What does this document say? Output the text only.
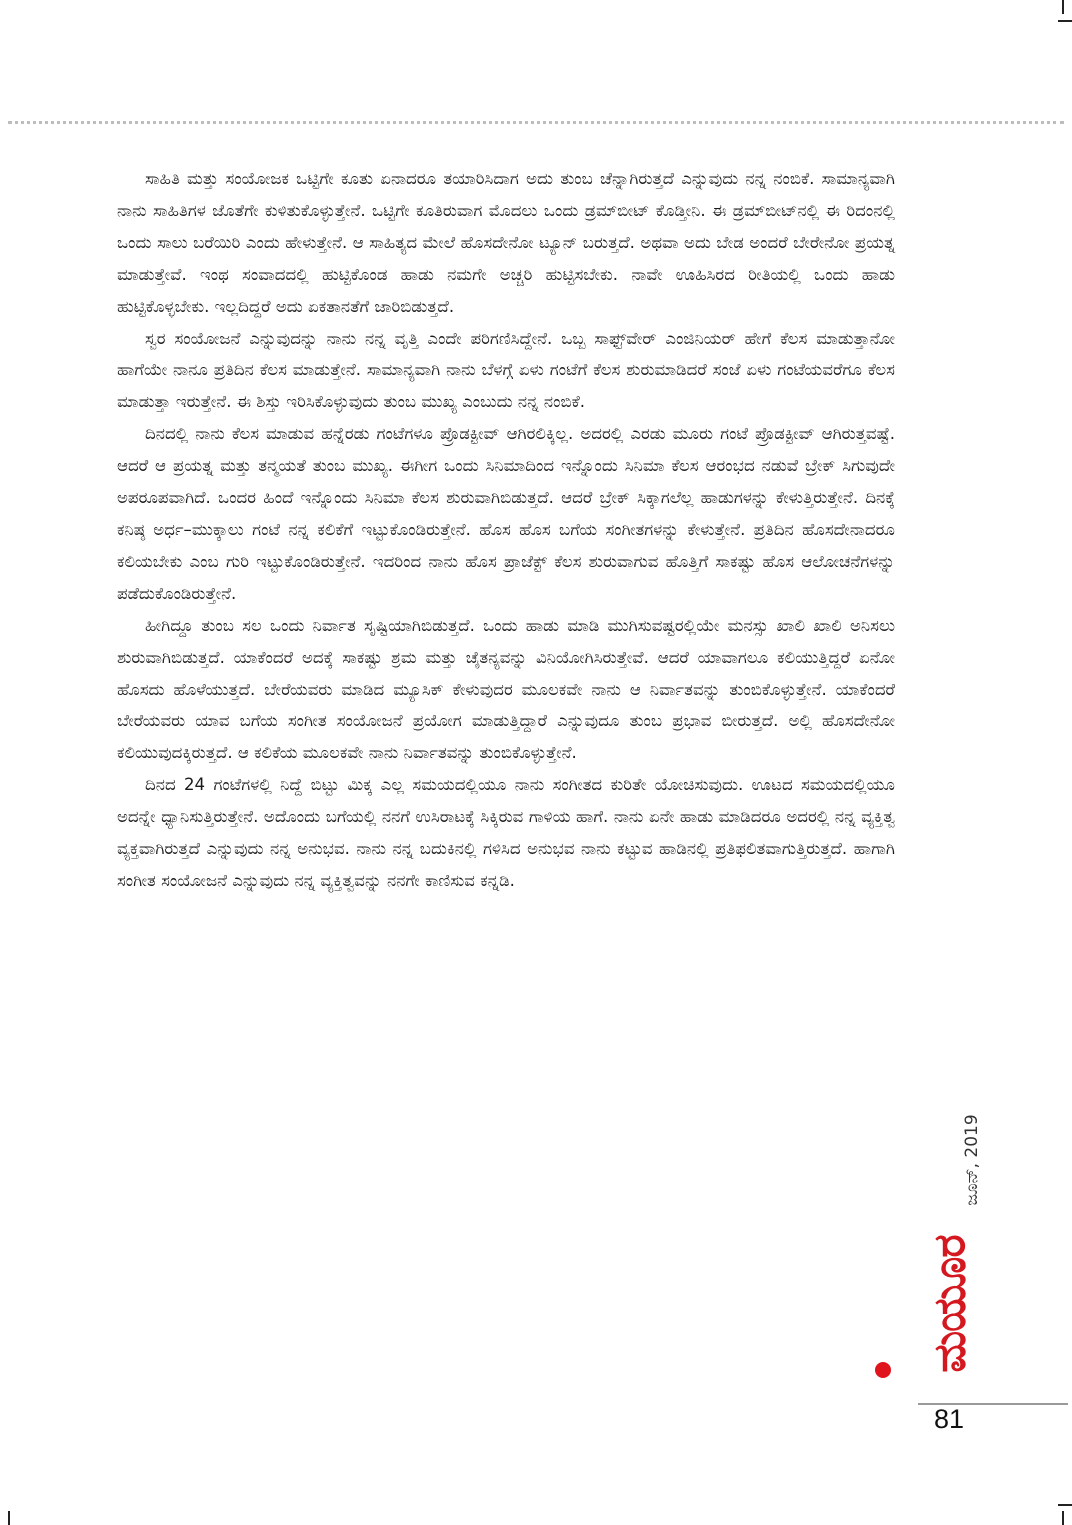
ಸಾಹಿತಿ ಮತ್ತು ಸಂಯೋಜಕ ಒಟ್ಟಿಗೇ ಕೂತು ಏನಾದರೂ ತಯಾರಿಸಿದಾಗ ಅದು ತುಂಬ ಚೆನ್ನಾಗಿರುತ್ತದೆ ಎನ್ನುವುದು ನನ್ನ ನಂಬಿಕೆ. ಸಾಮಾನ್ಯವಾಗಿ ನಾನು ಸಾಹಿತಿಗಳ ಜೊತೆಗೇ ಕುಳಿತುಕೊಳ್ಳುತ್ತೇನೆ. ಒಟ್ಟಿಗೇ ಕೂತಿರುವಾಗ ಮೊದಲು ಒಂದು ಡ್ರಮ್‌ಬೀಟ್ ಕೊಡ್ತೀನಿ. ಈ ಡ್ರಮ್‌ಬೀಟ್‌ನಲ್ಲಿ ಈ ರಿದಂನಲ್ಲಿ ಒಂದು ಸಾಲು ಬರೆಯಿರಿ ಎಂದು ಹೇಳುತ್ತೇನೆ. ಆ ಸಾಹಿತ್ಯದ ಮೇಲೆ ಹೊಸದೇನೋ ಟ್ಯೂನ್ ಬರುತ್ತದೆ. ಅಥವಾ ಅದು ಬೇಡ ಅಂದರೆ ಬೇರೇನೋ ಪ್ರಯತ್ನ ಮಾಡುತ್ತೇವೆ. ಇಂಥ ಸಂವಾದದಲ್ಲಿ ಹುಟ್ಟಿಕೊಂಡ ಹಾಡು ನಮಗೇ ಅಚ್ಚರಿ ಹುಟ್ಟಿಸಬೇಕು. ನಾವೇ ಊಹಿಸಿರದ ರೀತಿಯಲ್ಲಿ ಒಂದು ಹಾಡು ಹುಟ್ಟಿಕೊಳ್ಳಬೇಕು. ಇಲ್ಲದಿದ್ದರೆ ಅದು ಏಕತಾನತೆಗೆ ಜಾರಿಬಿಡುತ್ತದೆ.

ಸ್ವರ ಸಂಯೋಜನೆ ಎನ್ನುವುದನ್ನು ನಾನು ನನ್ನ ವೃತ್ತಿ ಎಂದೇ ಪರಿಗಣಿಸಿದ್ದೇನೆ. ಒಬ್ಬ ಸಾಫ್ಟ್‌ವೇರ್ ಎಂಜಿನಿಯರ್ ಹೇಗೆ ಕೆಲಸ ಮಾಡುತ್ತಾನೋ ಹಾಗೆಯೇ ನಾನೂ ಪ್ರತಿದಿನ ಕೆಲಸ ಮಾಡುತ್ತೇನೆ. ಸಾಮಾನ್ಯವಾಗಿ ನಾನು ಬೆಳಗ್ಗೆ ಏಳು ಗಂಟೆಗೆ ಕೆಲಸ ಶುರುಮಾಡಿದರೆ ಸಂಜೆ ಏಳು ಗಂಟೆಯವರೆಗೂ ಕೆಲಸ ಮಾಡುತ್ತಾ ಇರುತ್ತೇನೆ. ಈ ಶಿಸ್ತು ಇರಿಸಿಕೊಳ್ಳುವುದು ತುಂಬ ಮುಖ್ಯ ಎಂಬುದು ನನ್ನ ನಂಬಿಕೆ.

ದಿನದಲ್ಲಿ ನಾನು ಕೆಲಸ ಮಾಡುವ ಹನ್ನೆರಡು ಗಂಟೆಗಳೂ ಪ್ರೊಡಕ್ಟೀವ್ ಆಗಿರಲಿಕ್ಕಿಲ್ಲ. ಅದರಲ್ಲಿ ಎರಡು ಮೂರು ಗಂಟೆ ಪ್ರೊಡಕ್ಟೀವ್ ಆಗಿರುತ್ತವಷ್ಟೆ. ಆದರೆ ಆ ಪ್ರಯತ್ನ ಮತ್ತು ತನ್ಮಯತೆ ತುಂಬ ಮುಖ್ಯ. ಈಗೀಗ ಒಂದು ಸಿನಿಮಾದಿಂದ ಇನ್ನೊಂದು ಸಿನಿಮಾ ಕೆಲಸ ಆರಂಭದ ನಡುವೆ ಬ್ರೇಕ್ ಸಿಗುವುದೇ ಅಪರೂಪವಾಗಿದೆ. ಒಂದರ ಹಿಂದೆ ಇನ್ನೊಂದು ಸಿನಿಮಾ ಕೆಲಸ ಶುರುವಾಗಿಬಿಡುತ್ತದೆ. ಆದರೆ ಬ್ರೇಕ್ ಸಿಕ್ಕಾಗಲೆಲ್ಲ ಹಾಡುಗಳನ್ನು ಕೇಳುತ್ತಿರುತ್ತೇನೆ. ದಿನಕ್ಕೆ ಕನಿಷ್ಠ ಅರ್ಧ–ಮುಕ್ಕಾಲು ಗಂಟೆ ನನ್ನ ಕಲಿಕೆಗೆ ಇಟ್ಟುಕೊಂಡಿರುತ್ತೇನೆ. ಹೊಸ ಹೊಸ ಬಗೆಯ ಸಂಗೀತಗಳನ್ನು ಕೇಳುತ್ತೇನೆ. ಪ್ರತಿದಿನ ಹೊಸದೇನಾದರೂ ಕಲಿಯಬೇಕು ಎಂಬ ಗುರಿ ಇಟ್ಟುಕೊಂಡಿರುತ್ತೇನೆ. ಇದರಿಂದ ನಾನು ಹೊಸ ಪ್ರಾಜೆಕ್ಟ್ ಕೆಲಸ ಶುರುವಾಗುವ ಹೊತ್ತಿಗೆ ಸಾಕಷ್ಟು ಹೊಸ ಆಲೋಚನೆಗಳನ್ನು ಪಡೆದುಕೊಂಡಿರುತ್ತೇನೆ.

ಹೀಗಿದ್ದೂ ತುಂಬ ಸಲ ಒಂದು ನಿರ್ವಾತ ಸೃಷ್ಟಿಯಾಗಿಬಿಡುತ್ತದೆ. ಒಂದು ಹಾಡು ಮಾಡಿ ಮುಗಿಸುವಷ್ಟರಲ್ಲಿಯೇ ಮನಸ್ಸು ಖಾಲಿ ಖಾಲಿ ಅನಿಸಲು ಶುರುವಾಗಿಬಿಡುತ್ತದೆ. ಯಾಕೆಂದರೆ ಅದಕ್ಕೆ ಸಾಕಷ್ಟು ಶ್ರಮ ಮತ್ತು ಚೈತನ್ಯವನ್ನು ವಿನಿಯೋಗಿಸಿರುತ್ತೇವೆ. ಆದರೆ ಯಾವಾಗಲೂ ಕಲಿಯುತ್ತಿದ್ದರೆ ಏನೋ ಹೊಸದು ಹೊಳೆಯುತ್ತದೆ. ಬೇರೆಯವರು ಮಾಡಿದ ಮ್ಯೂಸಿಕ್ ಕೇಳುವುದರ ಮೂಲಕವೇ ನಾನು ಆ ನಿರ್ವಾತವನ್ನು ತುಂಬಿಕೊಳ್ಳುತ್ತೇನೆ. ಯಾಕೆಂದರೆ ಬೇರೆಯವರು ಯಾವ ಬಗೆಯ ಸಂಗೀತ ಸಂಯೋಜನೆ ಪ್ರಯೋಗ ಮಾಡುತ್ತಿದ್ದಾರೆ ಎನ್ನುವುದೂ ತುಂಬ ಪ್ರಭಾವ ಬೀರುತ್ತದೆ. ಅಲ್ಲಿ ಹೊಸದೇನೋ ಕಲಿಯುವುದಕ್ಕಿರುತ್ತದೆ. ಆ ಕಲಿಕೆಯ ಮೂಲಕವೇ ನಾನು ನಿರ್ವಾತವನ್ನು ತುಂಬಿಕೊಳ್ಳುತ್ತೇನೆ.

ದಿನದ 24 ಗಂಟೆಗಳಲ್ಲಿ ನಿದ್ದೆ ಬಿಟ್ಟು ಮಿಕ್ಕ ಎಲ್ಲ ಸಮಯದಲ್ಲಿಯೂ ನಾನು ಸಂಗೀತದ ಕುರಿತೇ ಯೋಚಿಸುವುದು. ಊಟದ ಸಮಯದಲ್ಲಿಯೂ ಅದನ್ನೇ ಧ್ಯಾನಿಸುತ್ತಿರುತ್ತೇನೆ. ಅದೊಂದು ಬಗೆಯಲ್ಲಿ ನನಗೆ ಉಸಿರಾಟಕ್ಕೆ ಸಿಕ್ಕಿರುವ ಗಾಳಿಯ ಹಾಗೆ. ನಾನು ಏನೇ ಹಾಡು ಮಾಡಿದರೂ ಅದರಲ್ಲಿ ನನ್ನ ವ್ಯಕ್ತಿತ್ವ ವ್ಯಕ್ತವಾಗಿರುತ್ತದೆ ಎನ್ನುವುದು ನನ್ನ ಅನುಭವ. ನಾನು ನನ್ನ ಬದುಕಿನಲ್ಲಿ ಗಳಿಸಿದ ಅನುಭವ ನಾನು ಕಟ್ಟುವ ಹಾಡಿನಲ್ಲಿ ಪ್ರತಿಫಲಿತವಾಗುತ್ತಿರುತ್ತದೆ. ಹಾಗಾಗಿ ಸಂಗೀತ ಸಂಯೋಜನೆ ಎನ್ನುವುದು ನನ್ನ ವ್ಯಕ್ತಿತ್ವವನ್ನು ನನಗೇ ಕಾಣಿಸುವ ಕನ್ನಡಿ.

ಜೂನ್, 2019
ಮಯೂರ
81
